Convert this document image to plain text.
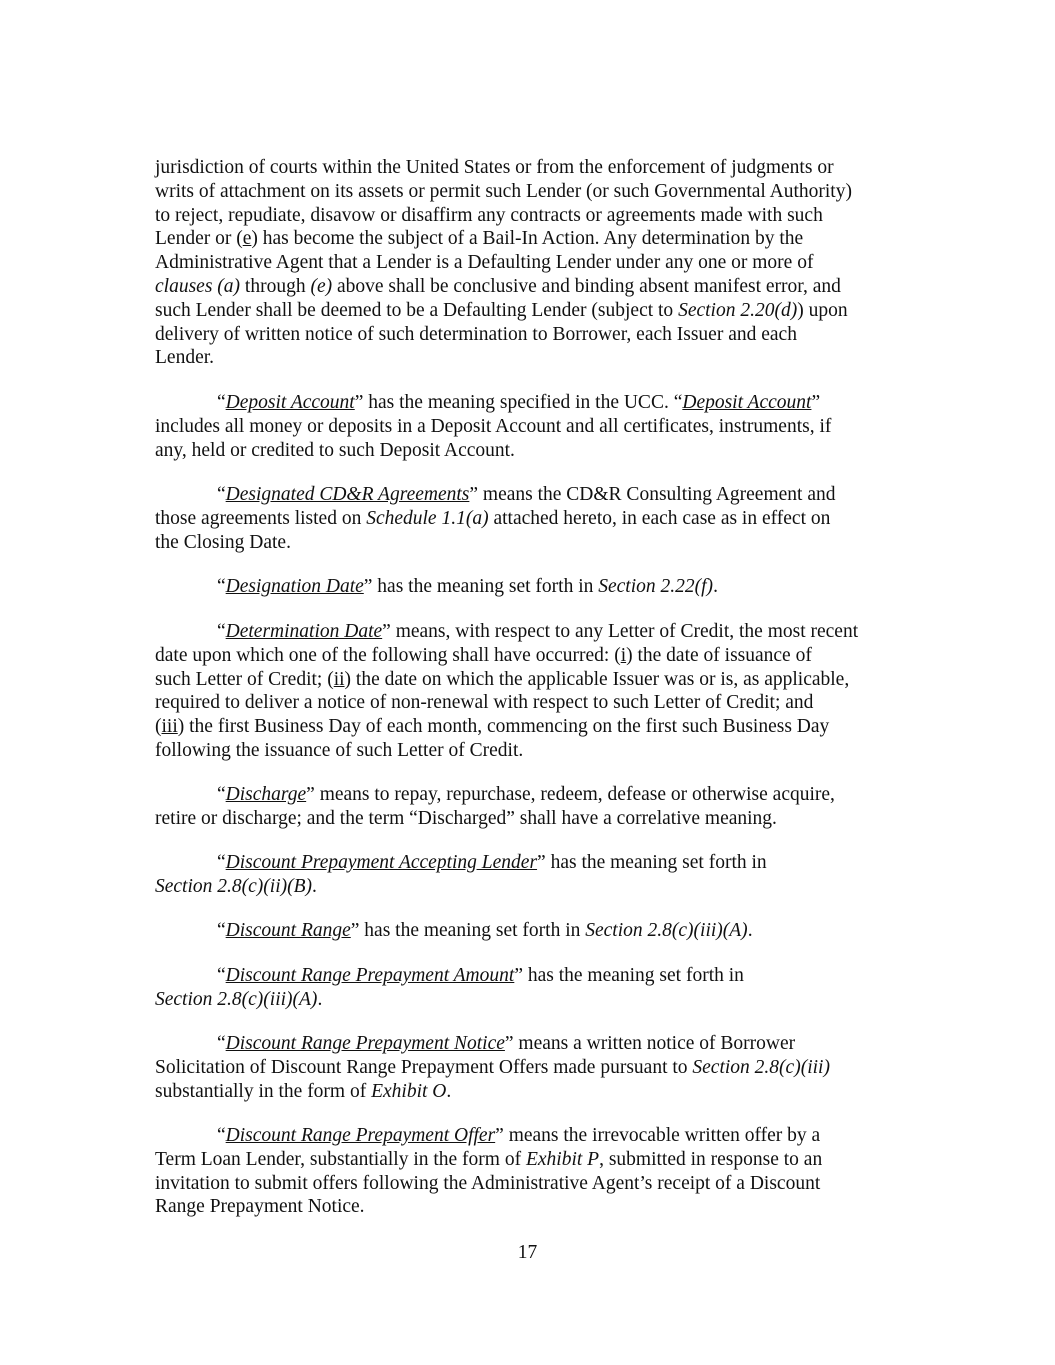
jurisdiction of courts within the United States or from the enforcement of judgments or
writs of attachment on its assets or permit such Lender (or such Governmental Authority)
to reject, repudiate, disavow or disaffirm any contracts or agreements made with such
Lender or (e) has become the subject of a Bail-In Action. Any determination by the
Administrative Agent that a Lender is a Defaulting Lender under any one or more of
clauses (a) through (e) above shall be conclusive and binding absent manifest error, and
such Lender shall be deemed to be a Defaulting Lender (subject to Section 2.20(d)) upon
delivery of written notice of such determination to Borrower, each Issuer and each
Lender.
“Deposit Account” has the meaning specified in the UCC. “Deposit Account”
includes all money or deposits in a Deposit Account and all certificates, instruments, if
any, held or credited to such Deposit Account.
“Designated CD&R Agreements” means the CD&R Consulting Agreement and
those agreements listed on Schedule 1.1(a) attached hereto, in each case as in effect on
the Closing Date.
“Designation Date” has the meaning set forth in Section 2.22(f).
“Determination Date” means, with respect to any Letter of Credit, the most recent
date upon which one of the following shall have occurred: (i) the date of issuance of
such Letter of Credit; (ii) the date on which the applicable Issuer was or is, as applicable,
required to deliver a notice of non-renewal with respect to such Letter of Credit; and
(iii) the first Business Day of each month, commencing on the first such Business Day
following the issuance of such Letter of Credit.
“Discharge” means to repay, repurchase, redeem, defease or otherwise acquire,
retire or discharge; and the term “Discharged” shall have a correlative meaning.
“Discount Prepayment Accepting Lender” has the meaning set forth in
Section 2.8(c)(ii)(B).
“Discount Range” has the meaning set forth in Section 2.8(c)(iii)(A).
“Discount Range Prepayment Amount” has the meaning set forth in
Section 2.8(c)(iii)(A).
“Discount Range Prepayment Notice” means a written notice of Borrower
Solicitation of Discount Range Prepayment Offers made pursuant to Section 2.8(c)(iii)
substantially in the form of Exhibit O.
“Discount Range Prepayment Offer” means the irrevocable written offer by a
Term Loan Lender, substantially in the form of Exhibit P, submitted in response to an
invitation to submit offers following the Administrative Agent’s receipt of a Discount
Range Prepayment Notice.
17
